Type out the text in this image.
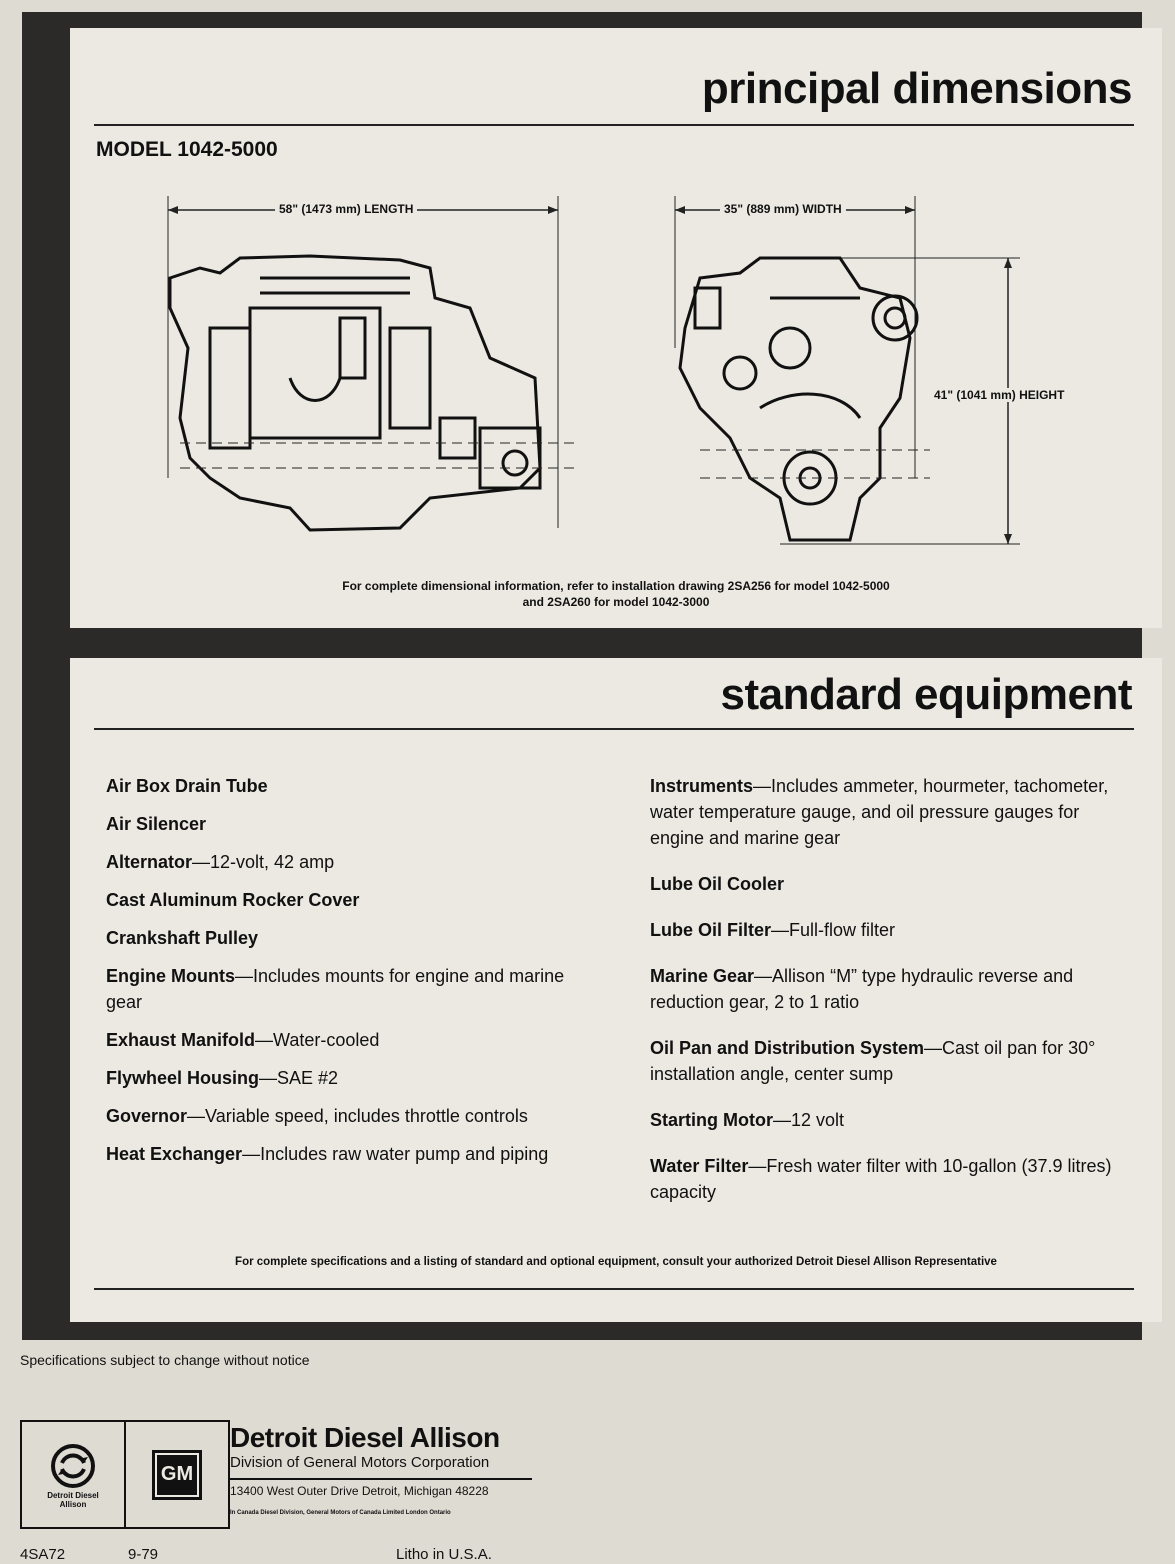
principal dimensions
MODEL 1042-5000
58" (1473 mm) LENGTH	35" (889 mm) WIDTH
41" (1041 mm) HEIGHT
For complete dimensional information, refer to installation drawing 2SA256 for model 1042-5000
and 2SA260 for model 1042-3000
standard equipment
Air Box Drain Tube
Air Silencer
Alternator—12-volt, 42 amp
Cast Aluminum Rocker Cover
Crankshaft Pulley
Engine Mounts—Includes mounts for engine and marine gear
Exhaust Manifold—Water-cooled
Flywheel Housing—SAE #2
Governor—Variable speed, includes throttle controls
Heat Exchanger—Includes raw water pump and piping
Instruments—Includes ammeter, hourmeter, tachometer, water temperature gauge, and oil pressure gauges for engine and marine gear
Lube Oil Cooler
Lube Oil Filter—Full-flow filter
Marine Gear—Allison “M” type hydraulic reverse and reduction gear, 2 to 1 ratio
Oil Pan and Distribution System—Cast oil pan for 30° installation angle, center sump
Starting Motor—12 volt
Water Filter—Fresh water filter with 10-gallon (37.9 litres) capacity
For complete specifications and a listing of standard and optional equipment, consult your authorized Detroit Diesel Allison Representative
Specifications subject to change without notice
Detroit Diesel Allison
GM
Detroit Diesel Allison
Division of General Motors Corporation
13400 West Outer Drive Detroit, Michigan 48228
In Canada Diesel Division, General Motors of Canada Limited London Ontario
4SA72	9-79	Litho in U.S.A.
